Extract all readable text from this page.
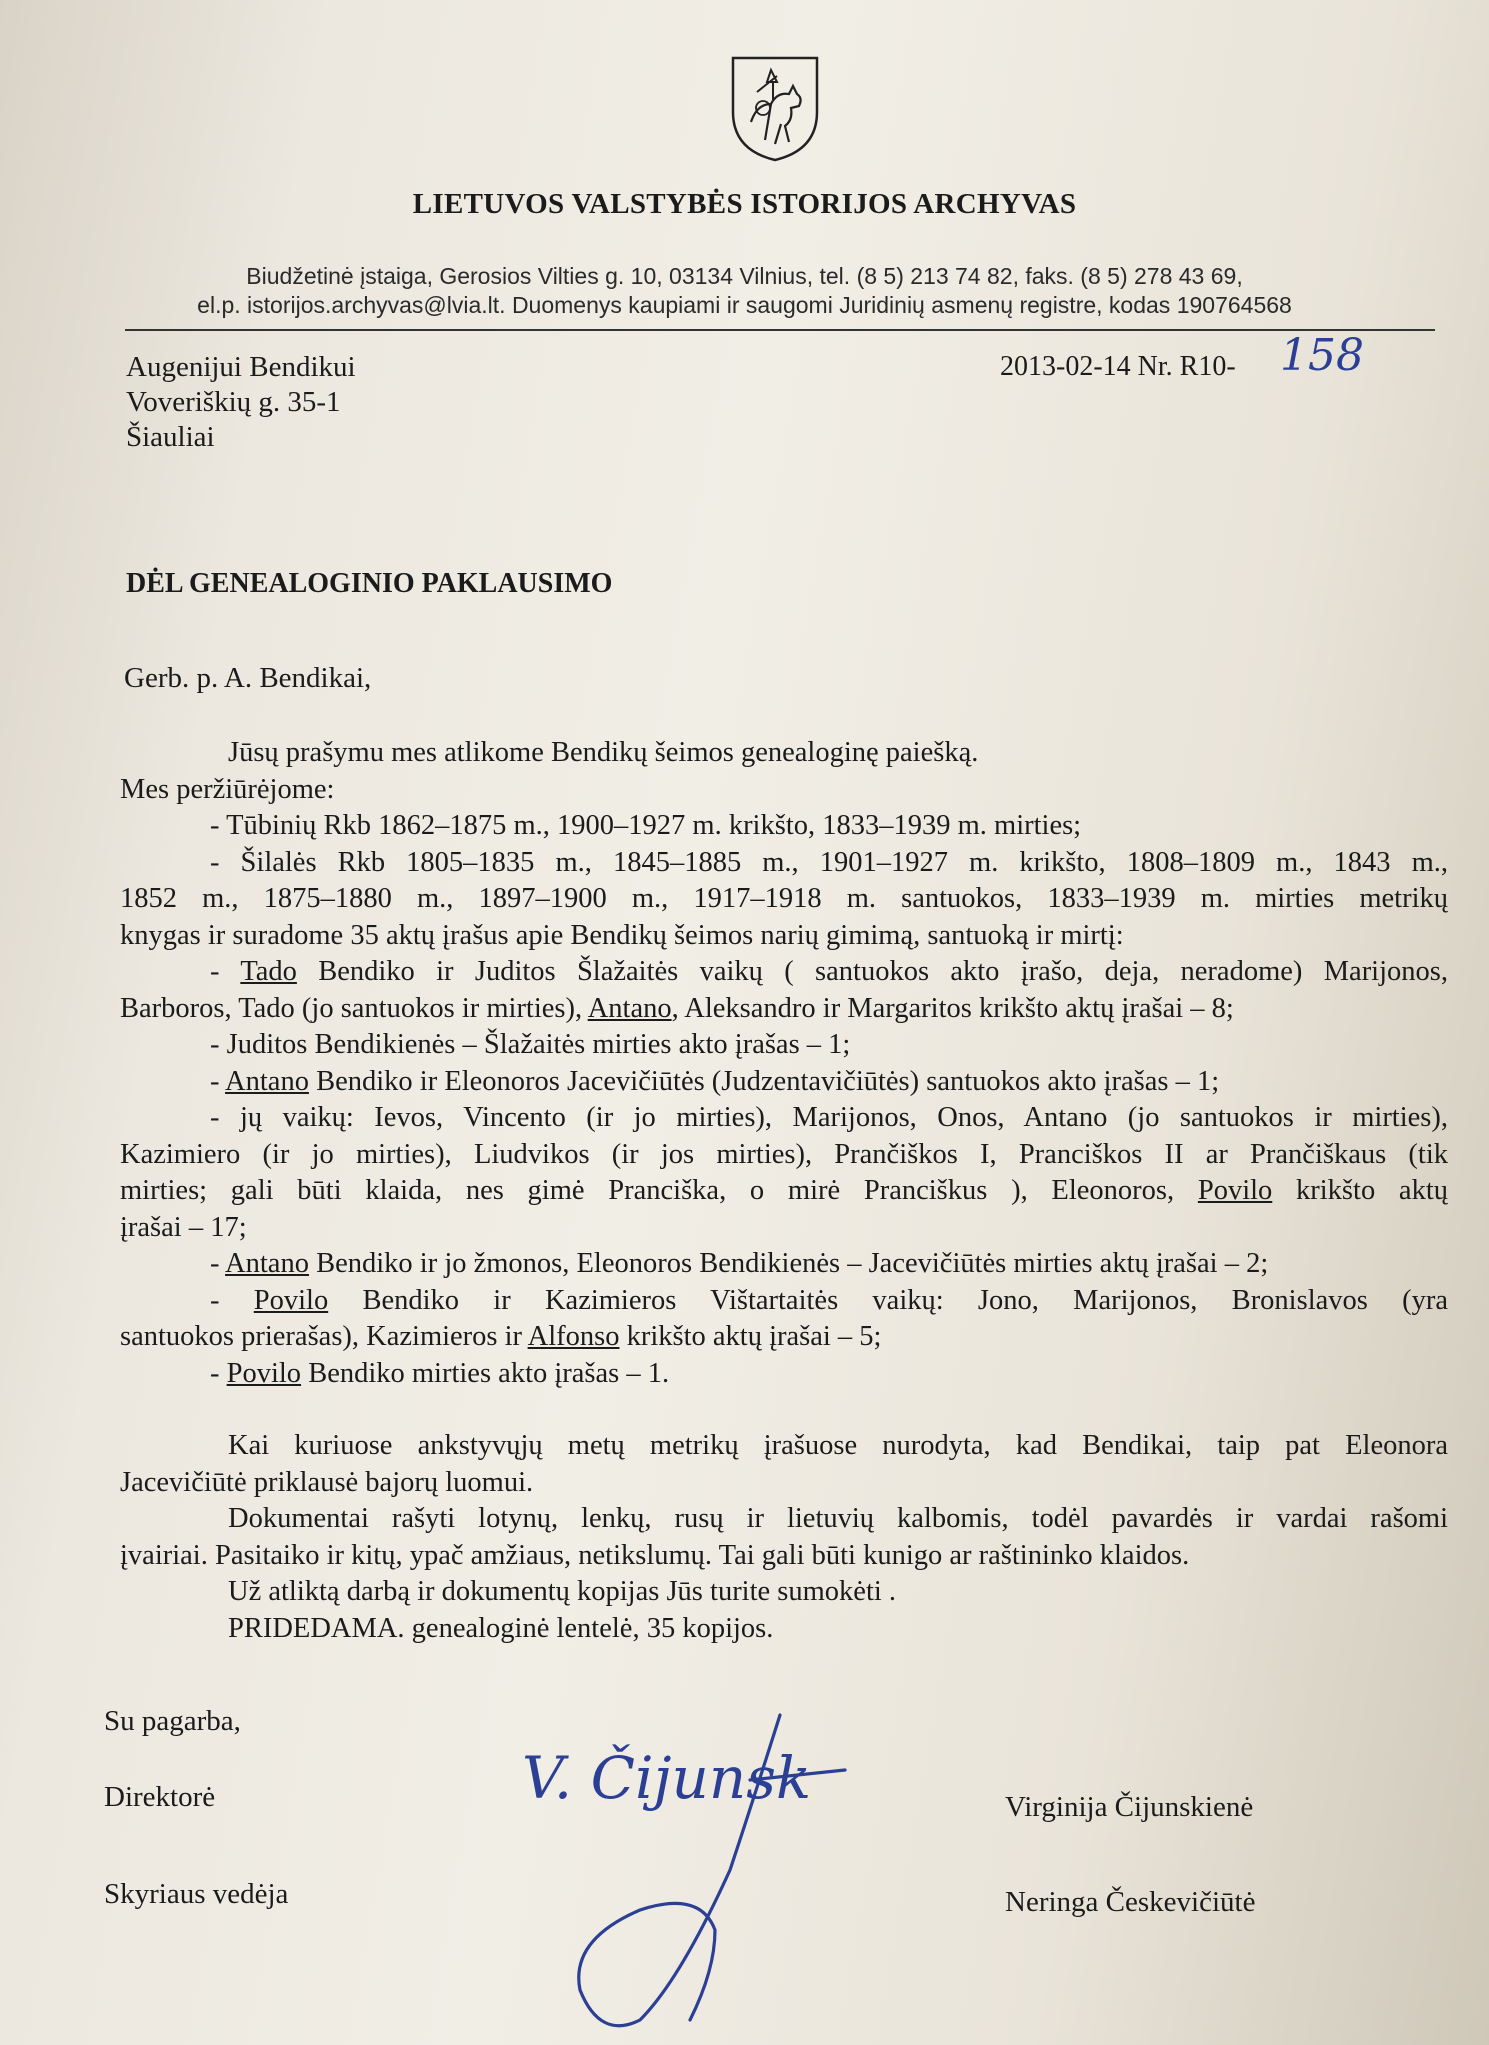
LIETUVOS VALSTYBĖS ISTORIJOS ARCHYVAS
Biudžetinė įstaiga, Gerosios Vilties g. 10, 03134 Vilnius, tel. (8 5) 213 74 82, faks. (8 5) 278 43 69,
el.p. istorijos.archyvas@lvia.lt. Duomenys kaupiami ir saugomi Juridinių asmenų registre, kodas 190764568
Augenijui Bendikui
Voveriškių g. 35-1
Šiauliai
2013-02-14 Nr. R10- 158
DĖL GENEALOGINIO PAKLAUSIMO
Gerb. p. A. Bendikai,

Jūsų prašymu mes atlikome Bendikų šeimos genealoginę paiešką.

Mes peržiūrėjome:

- Tūbinių Rkb 1862–1875 m., 1900–1927 m. krikšto, 1833–1939 m. mirties;

- Šilalės Rkb 1805–1835 m., 1845–1885 m., 1901–1927 m. krikšto, 1808–1809 m., 1843 m.,

1852 m., 1875–1880 m., 1897–1900 m., 1917–1918 m. santuokos, 1833–1939 m. mirties metrikų

knygas ir suradome 35 aktų įrašus apie Bendikų šeimos narių gimimą, santuoką ir mirtį:

- Tado Bendiko ir Juditos Šlažaitės vaikų ( santuokos akto įrašo, deja, neradome) Marijonos,

Barboros, Tado (jo santuokos ir mirties), Antano, Aleksandro ir Margaritos krikšto aktų įrašai – 8;

- Juditos Bendikienės – Šlažaitės mirties akto įrašas – 1;

- Antano Bendiko ir Eleonoros Jacevičiūtės (Judzentavičiūtės) santuokos akto įrašas – 1;

- jų vaikų: Ievos, Vincento (ir jo mirties), Marijonos, Onos, Antano (jo santuokos ir mirties),

Kazimiero (ir jo mirties), Liudvikos (ir jos mirties), Prančiškos I, Pranciškos II ar Prančiškaus (tik

mirties; gali būti klaida, nes gimė Pranciška, o mirė Pranciškus ), Eleonoros, Povilo krikšto aktų

įrašai – 17;

- Antano Bendiko ir jo žmonos, Eleonoros Bendikienės – Jacevičiūtės mirties aktų įrašai – 2;

- Povilo Bendiko ir Kazimieros Vištartaitės vaikų: Jono, Marijonos, Bronislavos (yra

santuokos prierašas), Kazimieros ir Alfonso krikšto aktų įrašai – 5;

- Povilo Bendiko mirties akto įrašas – 1.

Kai kuriuose ankstyvųjų metų metrikų įrašuose nurodyta, kad Bendikai, taip pat Eleonora

Jacevičiūtė priklausė bajorų luomui.

Dokumentai rašyti lotynų, lenkų, rusų ir lietuvių kalbomis, todėl pavardės ir vardai rašomi

įvairiai. Pasitaiko ir kitų, ypač amžiaus, netikslumų. Tai gali būti kunigo ar raštininko klaidos.

Už atliktą darbą ir dokumentų kopijas Jūs turite sumokėti .

PRIDEDAMA. genealoginė lentelė, 35 kopijos.

Su pagarba,
Direktorė	Virginija Čijunskienė
Skyriaus vedėja	Neringa Českevičiūtė
V. Čijunsk
